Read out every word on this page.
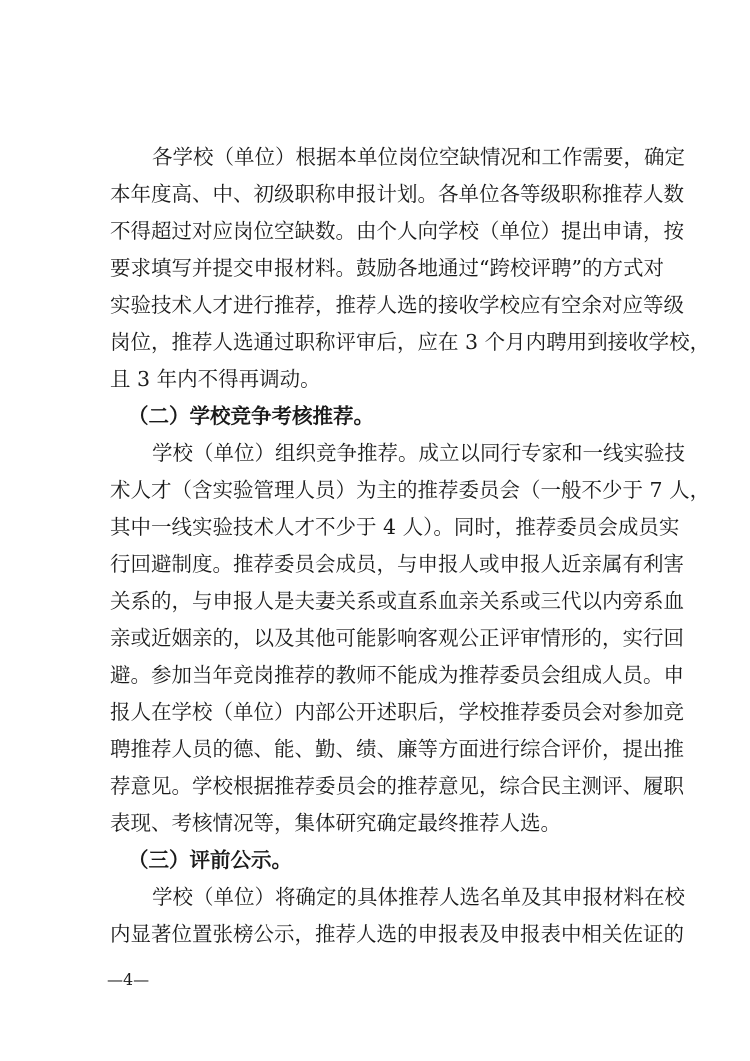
各学校（单位）根据本单位岗位空缺情况和工作需要，确定
本年度高、中、初级职称申报计划。各单位各等级职称推荐人数
不得超过对应岗位空缺数。由个人向学校（单位）提出申请，按
要求填写并提交申报材料。鼓励各地通过“跨校评聘”的方式对
实验技术人才进行推荐，推荐人选的接收学校应有空余对应等级
岗位，推荐人选通过职称评审后，应在 3 个月内聘用到接收学校，
且 3 年内不得再调动。
（二）学校竞争考核推荐。
学校（单位）组织竞争推荐。成立以同行专家和一线实验技
术人才（含实验管理人员）为主的推荐委员会（一般不少于 7 人，
其中一线实验技术人才不少于 4 人）。同时，推荐委员会成员实
行回避制度。推荐委员会成员，与申报人或申报人近亲属有利害
关系的，与申报人是夫妻关系或直系血亲关系或三代以内旁系血
亲或近姻亲的，以及其他可能影响客观公正评审情形的，实行回
避。参加当年竞岗推荐的教师不能成为推荐委员会组成人员。申
报人在学校（单位）内部公开述职后，学校推荐委员会对参加竞
聘推荐人员的德、能、勤、绩、廉等方面进行综合评价，提出推
荐意见。学校根据推荐委员会的推荐意见，综合民主测评、履职
表现、考核情况等，集体研究确定最终推荐人选。
（三）评前公示。
学校（单位）将确定的具体推荐人选名单及其申报材料在校
内显著位置张榜公示，推荐人选的申报表及申报表中相关佐证的
—4—
